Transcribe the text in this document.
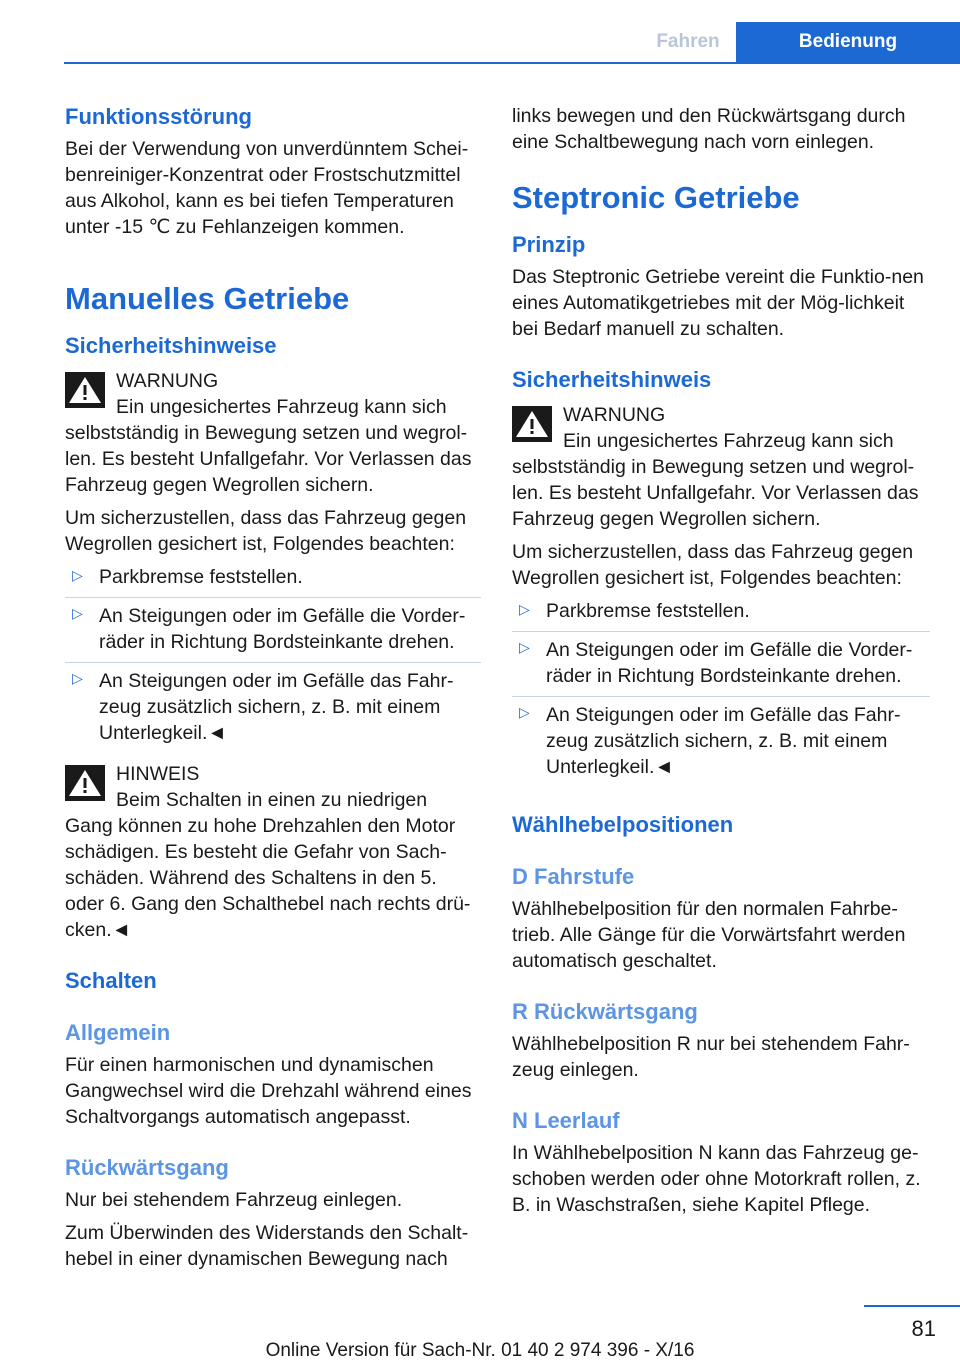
Fahren	Bedienung
Funktionsstörung
Bei der Verwendung von unverdünntem Schei‐benreiniger-Konzentrat oder Frostschutzmittel aus Alkohol, kann es bei tiefen Temperaturen unter -15 ℃ zu Fehlanzeigen kommen.
Manuelles Getriebe
Sicherheitshinweise
WARNUNG
Ein ungesichertes Fahrzeug kann sich
selbstständig in Bewegung setzen und wegrol‐len. Es besteht Unfallgefahr. Vor Verlassen das Fahrzeug gegen Wegrollen sichern.
Um sicherzustellen, dass das Fahrzeug gegen Wegrollen gesichert ist, Folgendes beachten:
▷ Parkbremse feststellen.
▷ An Steigungen oder im Gefälle die Vorder‐räder in Richtung Bordsteinkante drehen.
▷ An Steigungen oder im Gefälle das Fahr‐zeug zusätzlich sichern, z. B. mit einem Unterlegkeil.◄
HINWEIS
Beim Schalten in einen zu niedrigen
Gang können zu hohe Drehzahlen den Motor schädigen. Es besteht die Gefahr von Sach‐schäden. Während des Schaltens in den 5. oder 6. Gang den Schalthebel nach rechts drü‐cken.◄
Schalten
Allgemein
Für einen harmonischen und dynamischen Gangwechsel wird die Drehzahl während eines Schaltvorgangs automatisch angepasst.
Rückwärtsgang
Nur bei stehendem Fahrzeug einlegen.
Zum Überwinden des Widerstands den Schalt‐hebel in einer dynamischen Bewegung nach
links bewegen und den Rückwärtsgang durch eine Schaltbewegung nach vorn einlegen.
Steptronic Getriebe
Prinzip
Das Steptronic Getriebe vereint die Funktio‐nen eines Automatikgetriebes mit der Mög‐lichkeit bei Bedarf manuell zu schalten.
Sicherheitshinweis
WARNUNG
Ein ungesichertes Fahrzeug kann sich
selbstständig in Bewegung setzen und wegrol‐len. Es besteht Unfallgefahr. Vor Verlassen das Fahrzeug gegen Wegrollen sichern.
Um sicherzustellen, dass das Fahrzeug gegen Wegrollen gesichert ist, Folgendes beachten:
▷ Parkbremse feststellen.
▷ An Steigungen oder im Gefälle die Vorder‐räder in Richtung Bordsteinkante drehen.
▷ An Steigungen oder im Gefälle das Fahr‐zeug zusätzlich sichern, z. B. mit einem Unterlegkeil.◄
Wählhebelpositionen
D Fahrstufe
Wählhebelposition für den normalen Fahrbe‐trieb. Alle Gänge für die Vorwärtsfahrt werden automatisch geschaltet.
R Rückwärtsgang
Wählhebelposition R nur bei stehendem Fahr‐zeug einlegen.
N Leerlauf
In Wählhebelposition N kann das Fahrzeug ge‐schoben werden oder ohne Motorkraft rollen, z. B. in Waschstraßen, siehe Kapitel Pflege.
81
Online Version für Sach-Nr. 01 40 2 974 396 - X/16
